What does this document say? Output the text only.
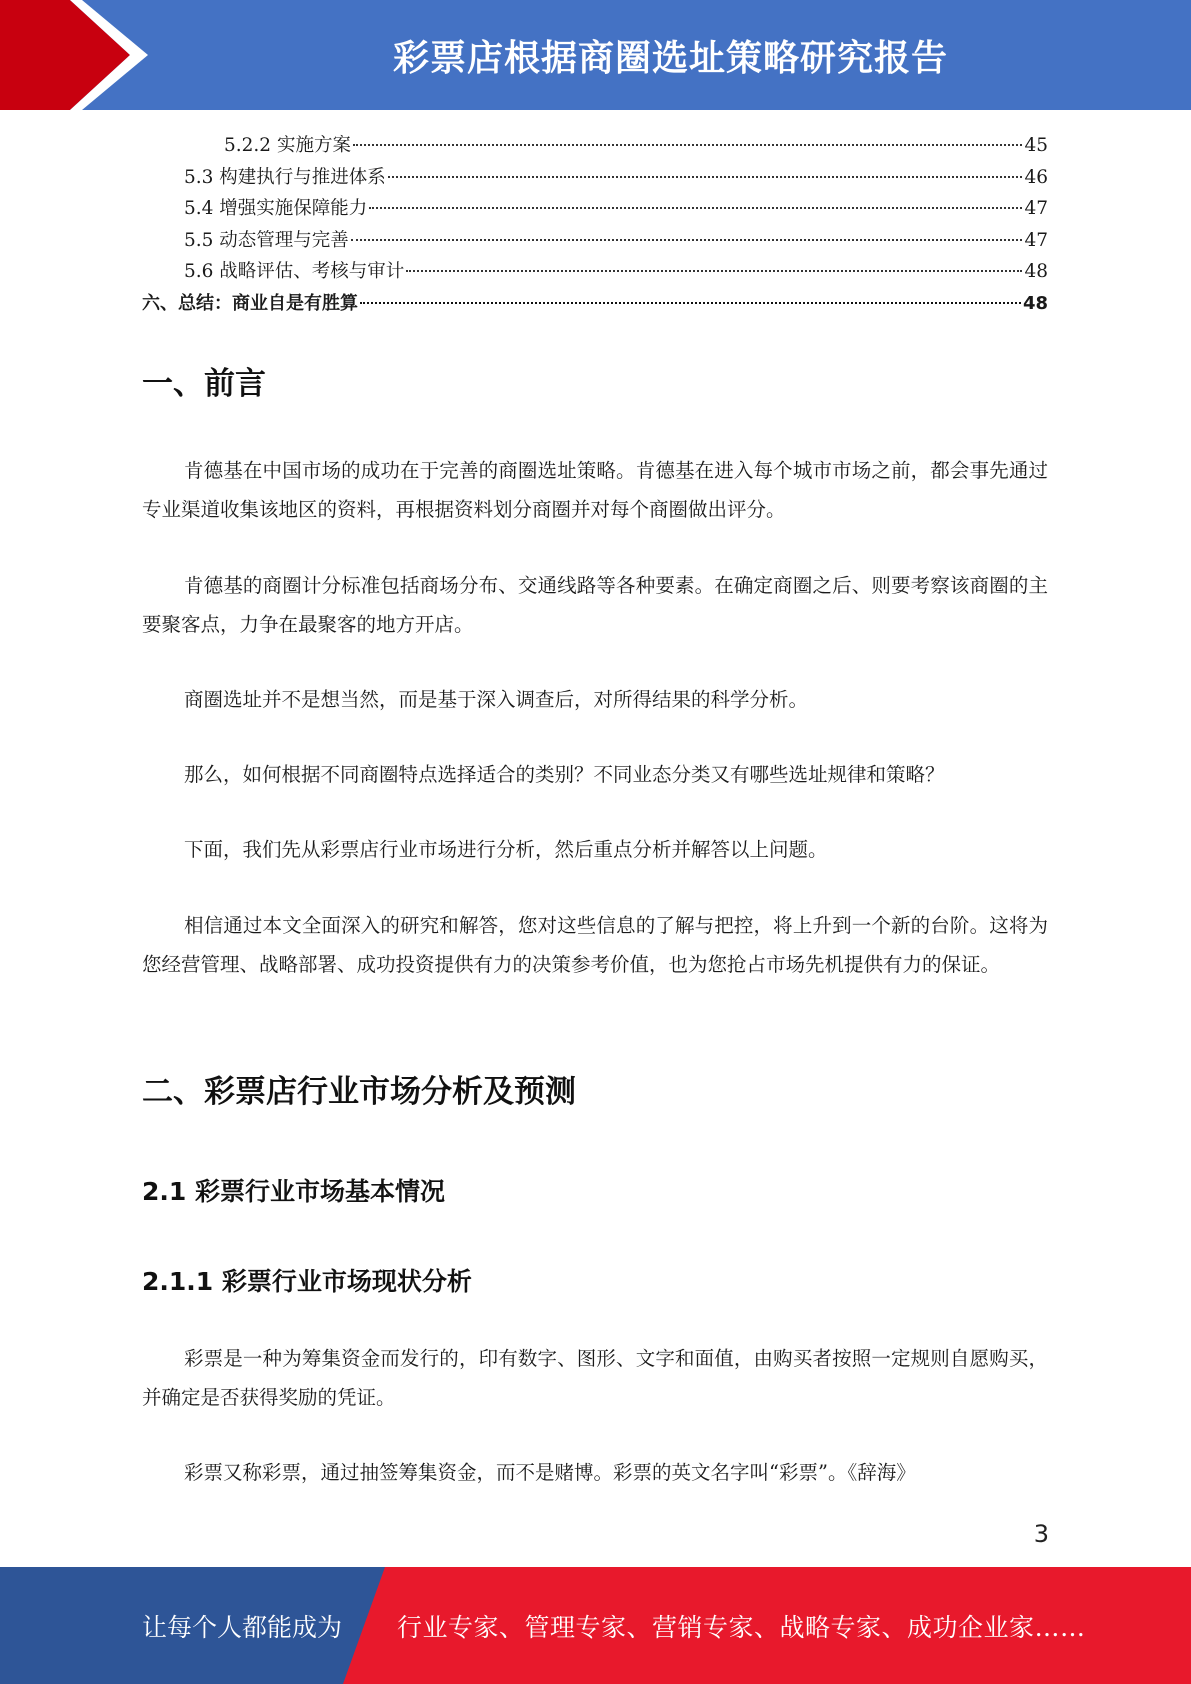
彩票店根据商圈选址策略研究报告
5.2.2 实施方案	45
5.3 构建执行与推进体系	46
5.4 增强实施保障能力	47
5.5 动态管理与完善	47
5.6 战略评估、考核与审计	48
六、总结：商业自是有胜算	48
一、前言

肯德基在中国市场的成功在于完善的商圈选址策略。肯德基在进入每个城市市场之前，都会事先通过专业渠道收集该地区的资料，再根据资料划分商圈并对每个商圈做出评分。

肯德基的商圈计分标准包括商场分布、交通线路等各种要素。在确定商圈之后、则要考察该商圈的主要聚客点，力争在最聚客的地方开店。

商圈选址并不是想当然，而是基于深入调查后，对所得结果的科学分析。

那么，如何根据不同商圈特点选择适合的类别？不同业态分类又有哪些选址规律和策略？

下面，我们先从彩票店行业市场进行分析，然后重点分析并解答以上问题。

相信通过本文全面深入的研究和解答，您对这些信息的了解与把控，将上升到一个新的台阶。这将为您经营管理、战略部署、成功投资提供有力的决策参考价值，也为您抢占市场先机提供有力的保证。

二、彩票店行业市场分析及预测
2.1 彩票行业市场基本情况
2.1.1 彩票行业市场现状分析

彩票是一种为筹集资金而发行的，印有数字、图形、文字和面值，由购买者按照一定规则自愿购买，并确定是否获得奖励的凭证。

彩票又称彩票，通过抽签筹集资金，而不是赌博。彩票的英文名字叫“彩票”。《辞海》

3
让每个人都能成为 行业专家、管理专家、营销专家、战略专家、成功企业家……
